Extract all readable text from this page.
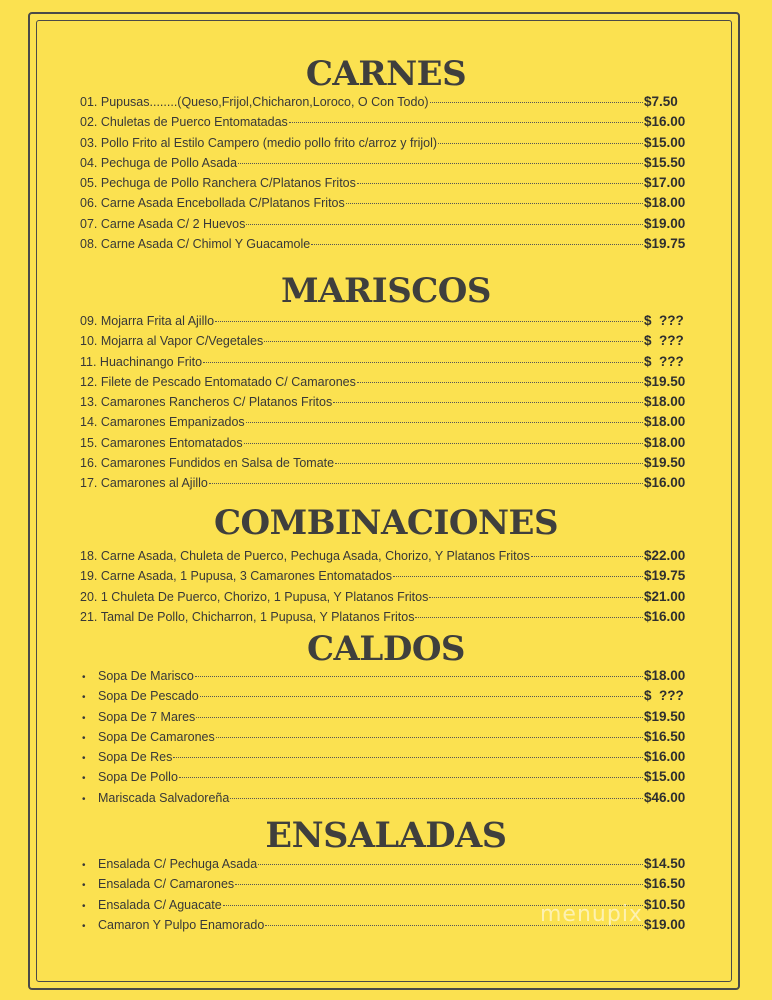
CARNES
01. Pupusas........(Queso,Frijol,Chicharon,Loroco, O Con Todo)	$7.50
02. Chuletas de Puerco Entomatadas	$16.00
03. Pollo Frito al Estilo Campero (medio pollo frito c/arroz y frijol)	$15.00
04. Pechuga de Pollo Asada	$15.50
05. Pechuga de Pollo Ranchera C/Platanos Fritos	$17.00
06. Carne Asada Encebollada C/Platanos Fritos	$18.00
07. Carne Asada C/ 2 Huevos	$19.00
08. Carne Asada C/ Chimol Y Guacamole	$19.75
MARISCOS
09. Mojarra Frita al Ajillo	$  ???
10. Mojarra al Vapor C/Vegetales	$  ???
11. Huachinango Frito	$  ???
12. Filete de Pescado Entomatado C/ Camarones	$19.50
13. Camarones Rancheros C/ Platanos Fritos	$18.00
14. Camarones Empanizados	$18.00
15. Camarones Entomatados	$18.00
16. Camarones Fundidos en Salsa de Tomate	$19.50
17. Camarones al Ajillo	$16.00
COMBINACIONES
18. Carne Asada, Chuleta de Puerco, Pechuga Asada, Chorizo, Y Platanos Fritos	$22.00
19. Carne Asada, 1 Pupusa, 3 Camarones Entomatados	$19.75
20. 1 Chuleta De Puerco, Chorizo, 1 Pupusa, Y Platanos Fritos	$21.00
21. Tamal De Pollo, Chicharron, 1 Pupusa, Y Platanos Fritos	$16.00
CALDOS
• Sopa De Marisco	$18.00
• Sopa De Pescado	$  ???
• Sopa De 7 Mares	$19.50
• Sopa De Camarones	$16.50
• Sopa De Res	$16.00
• Sopa De Pollo	$15.00
• Mariscada Salvadoreña	$46.00
ENSALADAS
• Ensalada C/ Pechuga Asada	$14.50
• Ensalada C/ Camarones	$16.50
• Ensalada C/ Aguacate	$10.50
• Camaron Y Pulpo Enamorado	$19.00
menupix
